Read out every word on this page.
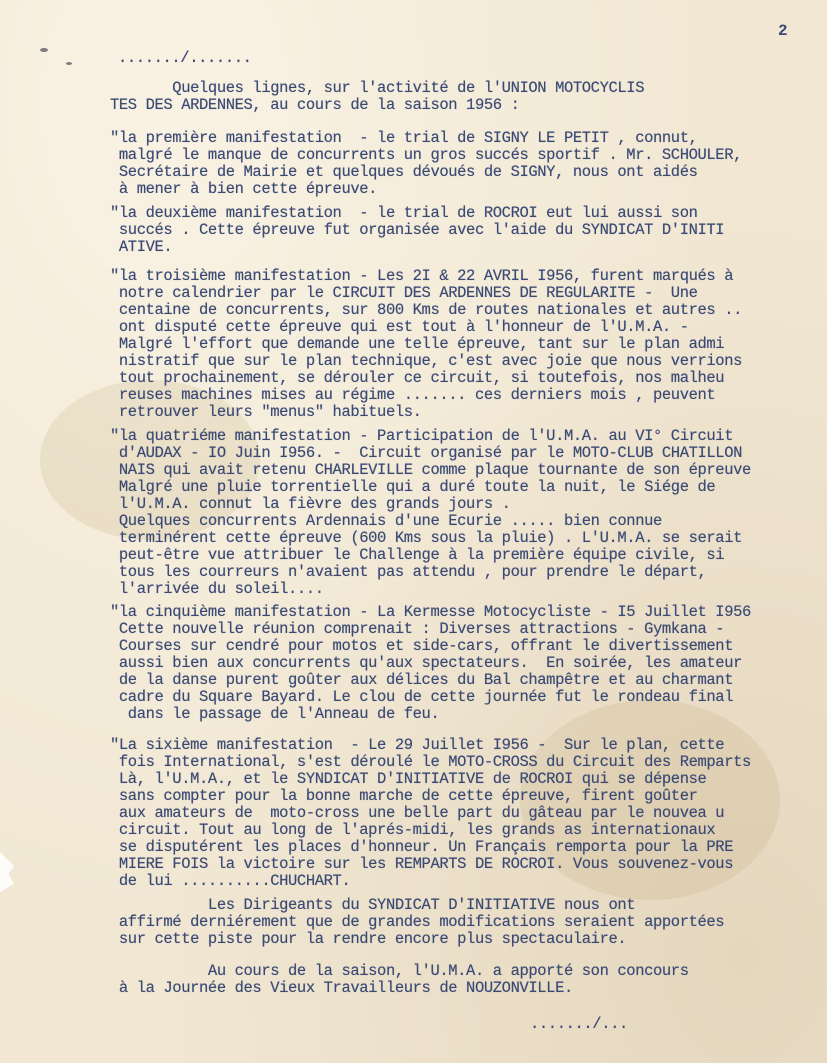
2
......./.......
Quelques lignes, sur l'activité de l'UNION MOTOCYCLIS
TES DES ARDENNES, au cours de la saison 1956 :
"la première manifestation  - le trial de SIGNY LE PETIT , connut,
malgré le manque de concurrents un gros succés sportif . Mr. SCHOULER,
Secrétaire de Mairie et quelques dévoués de SIGNY, nous ont aidés
à mener à bien cette épreuve.
"la deuxième manifestation  - le trial de ROCROI eut lui aussi son
succés . Cette épreuve fut organisée avec l'aide du SYNDICAT D'INITI
ATIVE.
"la troisième manifestation - Les 2I & 22 AVRIL I956, furent marqués à
notre calendrier par le CIRCUIT DES ARDENNES DE REGULARITE -  Une
centaine de concurrents, sur 800 Kms de routes nationales et autres ..
ont disputé cette épreuve qui est tout à l'honneur de l'U.M.A. -
Malgré l'effort que demande une telle épreuve, tant sur le plan admi
nistratif que sur le plan technique, c'est avec joie que nous verrions
tout prochainement, se dérouler ce circuit, si toutefois, nos malheu
reuses machines mises au régime ....... ces derniers mois , peuvent
retrouver leurs "menus" habituels.
"la quatriéme manifestation - Participation de l'U.M.A. au VI° Circuit
d'AUDAX - IO Juin I956. -  Circuit organisé par le MOTO-CLUB CHATILLON
NAIS qui avait retenu CHARLEVILLE comme plaque tournante de son épreuve
Malgré une pluie torrentielle qui a duré toute la nuit, le Siége de
l'U.M.A. connut la fièvre des grands jours .
Quelques concurrents Ardennais d'une Ecurie ..... bien connue
terminérent cette épreuve (600 Kms sous la pluie) . L'U.M.A. se serait
peut-être vue attribuer le Challenge à la première équipe civile, si
tous les courreurs n'avaient pas attendu , pour prendre le départ,
l'arrivée du soleil....
"la cinquième manifestation - La Kermesse Motocycliste - I5 Juillet I956
Cette nouvelle réunion comprenait : Diverses attractions - Gymkana -
Courses sur cendré pour motos et side-cars, offrant le divertissement
aussi bien aux concurrents qu'aux spectateurs.  En soirée, les amateur
de la danse purent goûter aux délices du Bal champêtre et au charmant
cadre du Square Bayard. Le clou de cette journée fut le rondeau final
dans le passage de l'Anneau de feu.
"La sixième manifestation  - Le 29 Juillet I956 -  Sur le plan, cette
fois International, s'est déroulé le MOTO-CROSS du Circuit des Remparts
Là, l'U.M.A., et le SYNDICAT D'INITIATIVE de ROCROI qui se dépense
sans compter pour la bonne marche de cette épreuve, firent goûter
aux amateurs de  moto-cross une belle part du gâteau par le nouvea u
circuit. Tout au long de l'aprés-midi, les grands as internationaux
se disputérent les places d'honneur. Un Français remporta pour la PRE
MIERE FOIS la victoire sur les REMPARTS DE ROCROI. Vous souvenez-vous
de lui ..........CHUCHART.
Les Dirigeants du SYNDICAT D'INITIATIVE nous ont
affirmé derniérement que de grandes modifications seraient apportées
sur cette piste pour la rendre encore plus spectaculaire.
Au cours de la saison, l'U.M.A. a apporté son concours
à la Journée des Vieux Travailleurs de NOUZONVILLE.
......./...
